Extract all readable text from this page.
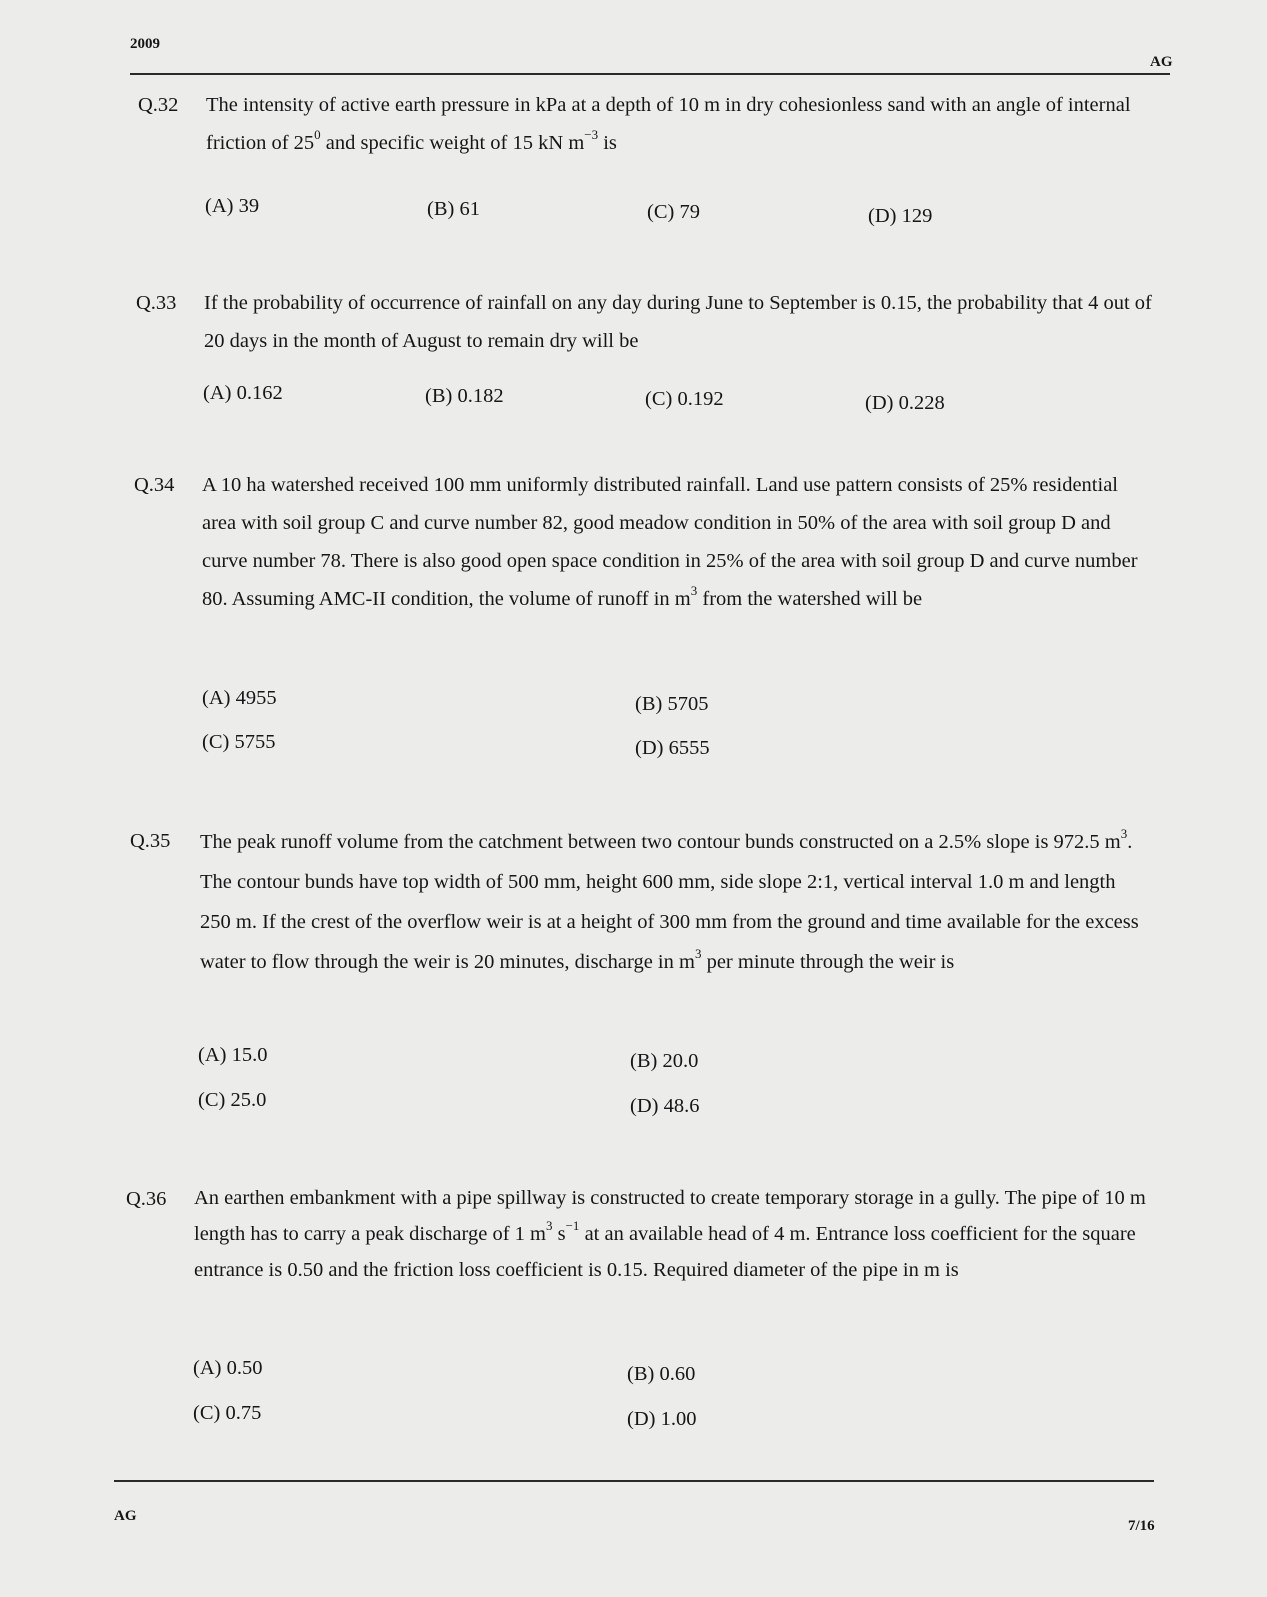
2009
AG
Q.32 The intensity of active earth pressure in kPa at a depth of 10 m in dry cohesionless sand with an angle of internal friction of $25^0$ and specific weight of 15 kN $m^{-3}$ is
(A) 39	(B) 61	(C) 79	(D) 129
Q.33 If the probability of occurrence of rainfall on any day during June to September is 0.15, the probability that 4 out of 20 days in the month of August to remain dry will be
(A) 0.162	(B) 0.182	(C) 0.192	(D) 0.228
Q.34 A 10 ha watershed received 100 mm uniformly distributed rainfall. Land use pattern consists of 25% residential area with soil group C and curve number 82, good meadow condition in 50% of the area with soil group D and curve number 78. There is also good open space condition in 25% of the area with soil group D and curve number 80. Assuming AMC-II condition, the volume of runoff in $m^3$ from the watershed will be
(A) 4955	(B) 5705
(C) 5755	(D) 6555
Q.35 The peak runoff volume from the catchment between two contour bunds constructed on a 2.5% slope is 972.5 $m^3$. The contour bunds have top width of 500 mm, height 600 mm, side slope 2:1, vertical interval 1.0 m and length 250 m. If the crest of the overflow weir is at a height of 300 mm from the ground and time available for the excess water to flow through the weir is 20 minutes, discharge in $m^3$ per minute through the weir is
(A) 15.0	(B) 20.0
(C) 25.0	(D) 48.6
Q.36 An earthen embankment with a pipe spillway is constructed to create temporary storage in a gully. The pipe of 10 m length has to carry a peak discharge of 1 $m^3$ $s^{-1}$ at an available head of 4 m. Entrance loss coefficient for the square entrance is 0.50 and the friction loss coefficient is 0.15. Required diameter of the pipe in m is
(A) 0.50	(B) 0.60
(C) 0.75	(D) 1.00
AG
7/16
